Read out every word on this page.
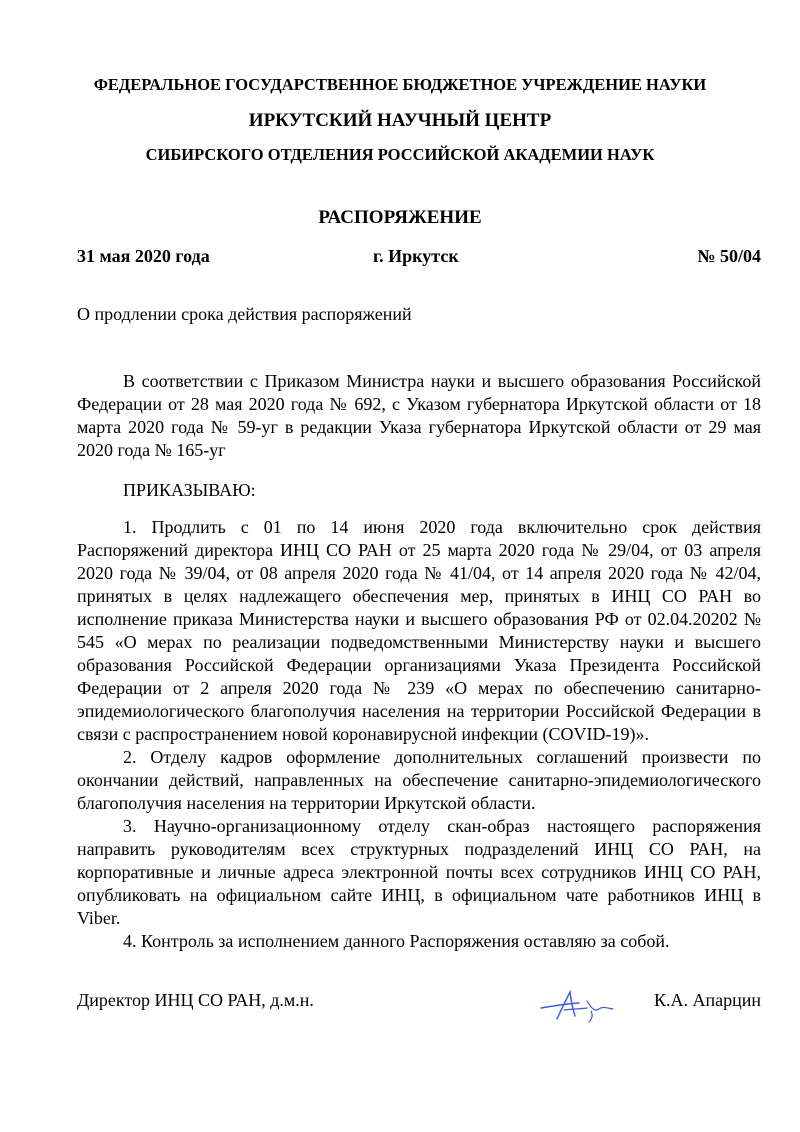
ФЕДЕРАЛЬНОЕ ГОСУДАРСТВЕННОЕ БЮДЖЕТНОЕ УЧРЕЖДЕНИЕ НАУКИ
ИРКУТСКИЙ НАУЧНЫЙ ЦЕНТР
СИБИРСКОГО ОТДЕЛЕНИЯ РОССИЙСКОЙ АКАДЕМИИ НАУК
РАСПОРЯЖЕНИЕ
31 мая 2020 года	г. Иркутск	№ 50/04
О продлении срока действия распоряжений

В соответствии с Приказом Министра науки и высшего образования Российской Федерации от 28 мая 2020 года № 692, с Указом губернатора Иркутской области от 18 марта 2020 года № 59-уг в редакции Указа губернатора Иркутской области от 29 мая 2020 года № 165-уг

ПРИКАЗЫВАЮ:

1. Продлить с 01 по 14 июня 2020 года включительно срок действия Распоряжений директора ИНЦ СО РАН от 25 марта 2020 года № 29/04, от 03 апреля 2020 года № 39/04, от 08 апреля 2020 года № 41/04, от 14 апреля 2020 года № 42/04, принятых в целях надлежащего обеспечения мер, принятых в ИНЦ СО РАН во исполнение приказа Министерства науки и высшего образования РФ от 02.04.20202 № 545 «О мерах по реализации подведомственными Министерству науки и высшего образования Российской Федерации организациями Указа Президента Российской Федерации от 2 апреля 2020 года № 239 «О мерах по обеспечению санитарно-эпидемиологического благополучия населения на территории Российской Федерации в связи с распространением новой коронавирусной инфекции (COVID-19)».

2. Отделу кадров оформление дополнительных соглашений произвести по окончании действий, направленных на обеспечение санитарно-эпидемиологического благополучия населения на территории Иркутской области.

3. Научно-организационному отделу скан-образ настоящего распоряжения направить руководителям всех структурных подразделений ИНЦ СО РАН, на корпоративные и личные адреса электронной почты всех сотрудников ИНЦ СО РАН, опубликовать на официальном сайте ИНЦ, в официальном чате работников ИНЦ в Viber.

4. Контроль за исполнением данного Распоряжения оставляю за собой.

Директор ИНЦ СО РАН, д.м.н.	К.А. Апарцин
